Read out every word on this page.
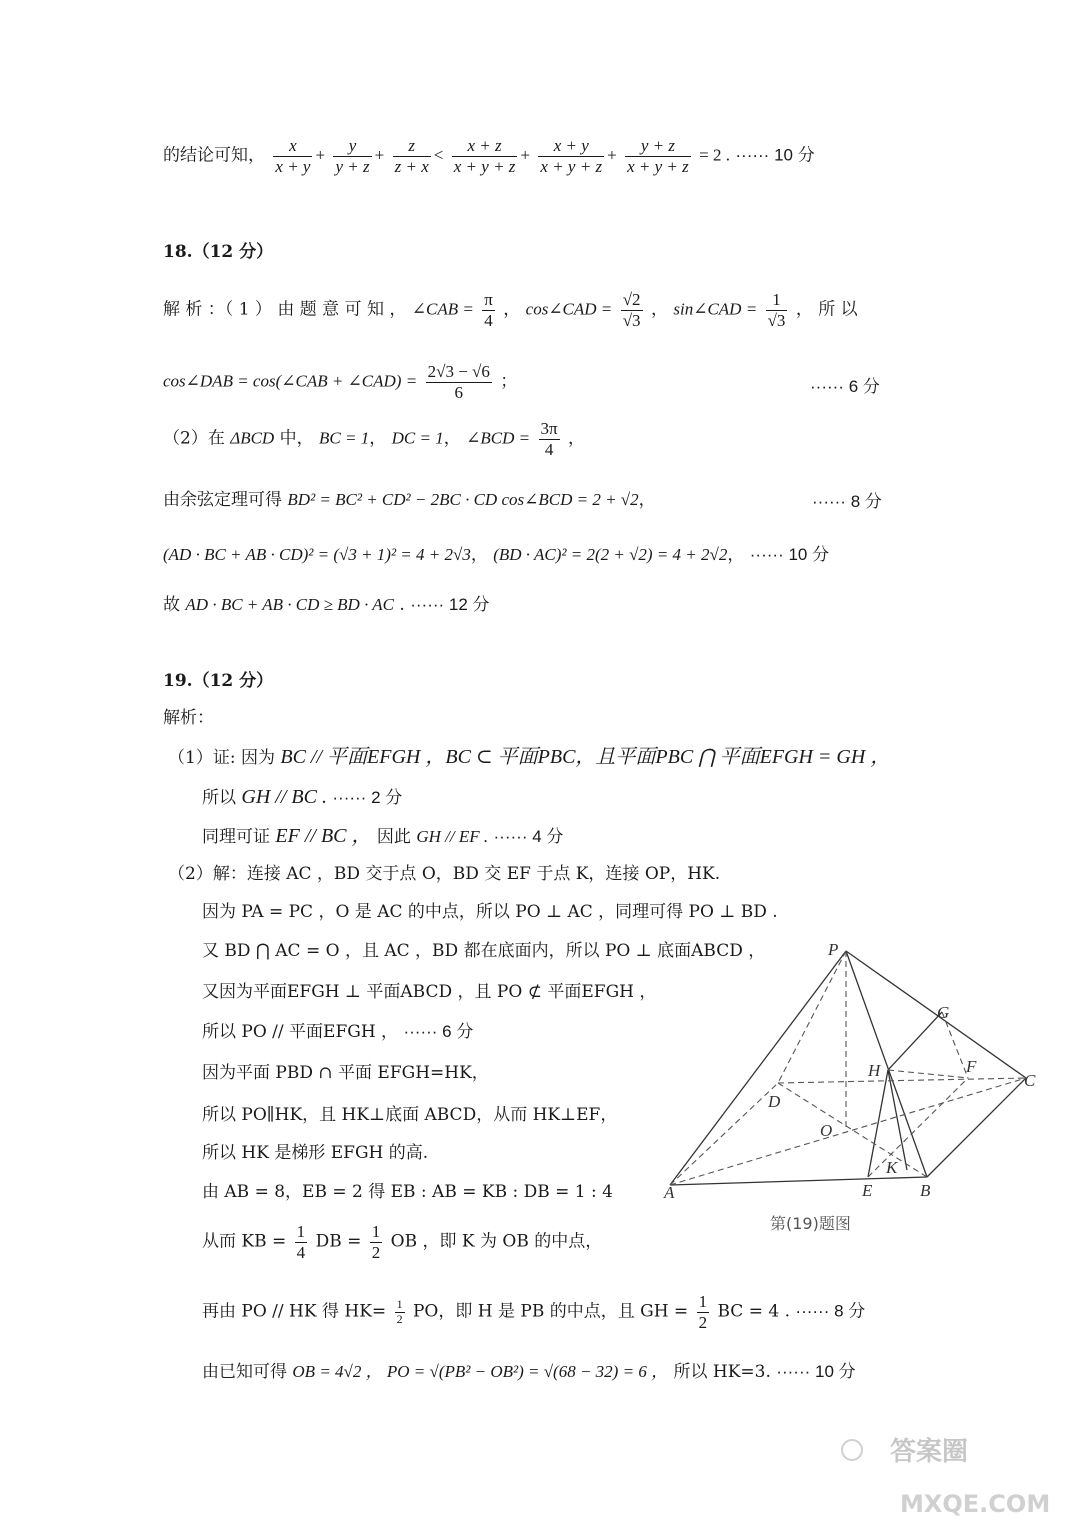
的结论可知， $\frac{x}{x + y} + \frac{y}{y + z} + \frac{z}{z + x} < \frac{x + z}{x + y + z} + \frac{x + y}{x + y + z} + \frac{y + z}{x + y + z} = 2$ . ······ 10 分
18.（12 分）
解 析 ：（ 1 ） 由 题 意 可 知 ， ∠CAB = $\frac{\pi}{4}$ ， cos∠CAD = $\frac{√2}{√3}$ ， sin∠CAD = $\frac{1}{√3}$ ， 所 以
cos∠DAB = cos(∠CAB + ∠CAD) = $\frac{2√3 - √6}{6}$ ；	······ 6 分
（2）在 ΔBCD 中， BC = 1， DC = 1， ∠BCD = $\frac{3\pi}{4}$ ，
由余弦定理可得 BD² = BC² + CD² − 2BC · CD cos∠BCD = 2 + √2，	······ 8 分
(AD · BC + AB · CD)² = (√3 + 1)² = 4 + 2√3， (BD · AC)² = 2(2 + √2) = 4 + 2√2， ······ 10 分
故 AD · BC + AB · CD ≥ BD · AC . ······ 12 分
19.（12 分）
解析：
（1）证: 因为 BC // 平面EFGH ，BC ⊂ 平面PBC，且平面PBC ⋂ 平面EFGH = GH ，
所以 GH // BC . ······ 2 分
同理可证 EF // BC ， 因此 GH // EF . ······ 4 分
（2）解：连接 AC ，BD 交于点 O，BD 交 EF 于点 K，连接 OP，HK.
因为 PA = PC ，O 是 AC 的中点，所以 PO ⊥ AC ，同理可得 PO ⊥ BD .
又 BD ⋂ AC = O ，且 AC ，BD 都在底面内，所以 PO ⊥ 底面ABCD ，
又因为平面EFGH ⊥ 平面ABCD ，且 PO ⊄ 平面EFGH ，
所以 PO // 平面EFGH ， ······ 6 分
因为平面 PBD ∩ 平面 EFGH=HK，
所以 PO∥HK，且 HK⊥底面 ABCD，从而 HK⊥EF，
所以 HK 是梯形 EFGH 的高.
由 AB = 8，EB = 2 得 EB : AB = KB : DB = 1 : 4
从而 KB = $\frac{1}{4}$ DB = $\frac{1}{2}$ OB ，即 K 为 OB 的中点，
再由 PO // HK 得 $HK= \frac{1}{2}$ PO，即 H 是 PB 的中点，且 GH = $\frac{1}{2}$ BC = 4 . ······ 8 分
由已知可得 OB = 4√2 ， PO = √(PB² − OB²) = √(68 − 32) = 6 ， 所以 HK=3. ······ 10 分
P
G
F
C
H
D
O
K
A	E	B
第(19)题图
答案圈
MXQE.COM
